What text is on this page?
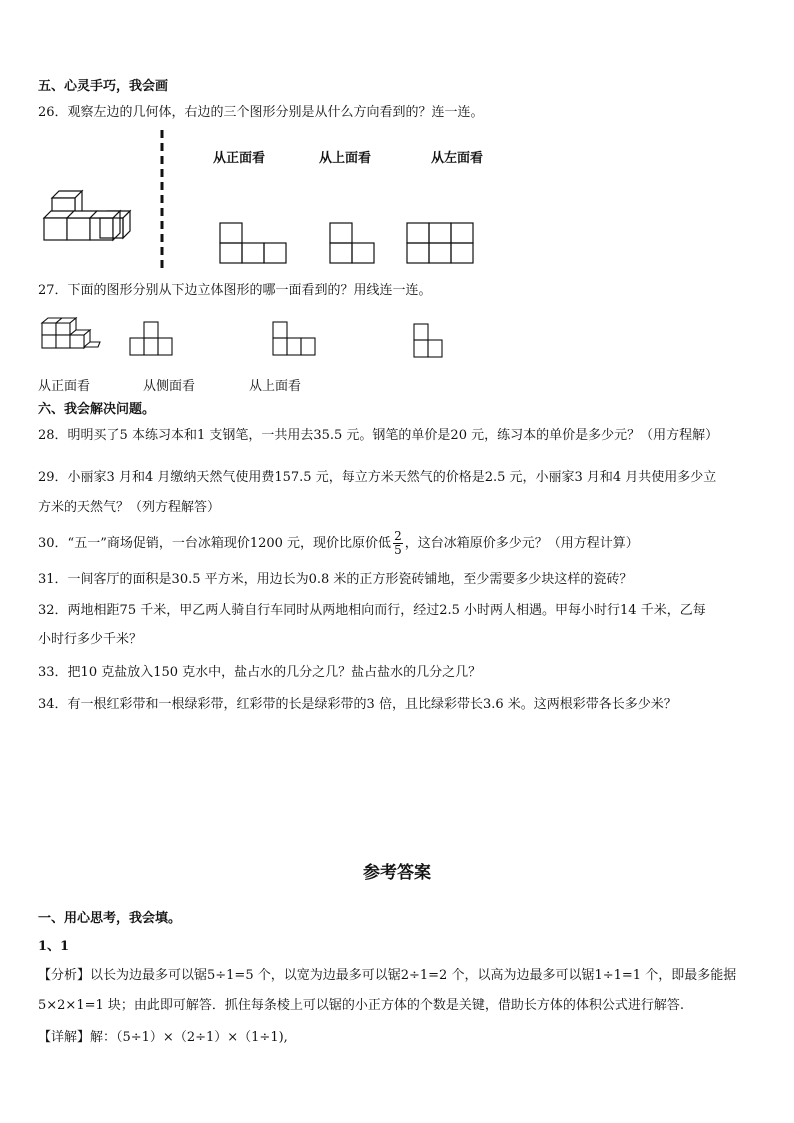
五、心灵手巧，我会画
26．观察左边的几何体，右边的三个图形分别是从什么方向看到的？连一连。
从正面看	从上面看	从左面看
27．下面的图形分别从下边立体图形的哪一面看到的？用线连一连。
从正面看	从侧面看	从上面看
六、我会解决问题。
28．明明买了5 本练习本和1 支钢笔，一共用去35.5 元。钢笔的单价是20 元，练习本的单价是多少元？（用方程解）
29．小丽家3 月和4 月缴纳天然气使用费157.5 元，每立方米天然气的价格是2.5 元，小丽家3 月和4 月共使用多少立
方米的天然气？（列方程解答）
30．“五一”商场促销，一台冰箱现价1200 元，现价比原价低 $\frac{2}{5}$ ，这台冰箱原价多少元？（用方程计算）
31．一间客厅的面积是30.5 平方米，用边长为0.8 米的正方形瓷砖铺地，至少需要多少块这样的瓷砖？
32．两地相距75 千米，甲乙两人骑自行车同时从两地相向而行，经过2.5 小时两人相遇。甲每小时行14 千米，乙每
小时行多少千米？
33．把10 克盐放入150 克水中，盐占水的几分之几？盐占盐水的几分之几？
34．有一根红彩带和一根绿彩带，红彩带的长是绿彩带的3 倍，且比绿彩带长3.6 米。这两根彩带各长多少米？
参考答案
一、用心思考，我会填。
1、1
【分析】以长为边最多可以锯5÷1=5 个，以宽为边最多可以锯2÷1=2 个，以高为边最多可以锯1÷1=1 个，即最多能据
5×2×1=1 块；由此即可解答．抓住每条棱上可以锯的小正方体的个数是关键，借助长方体的体积公式进行解答.
【详解】解：（5÷1）×（2÷1）×（1÷1),
